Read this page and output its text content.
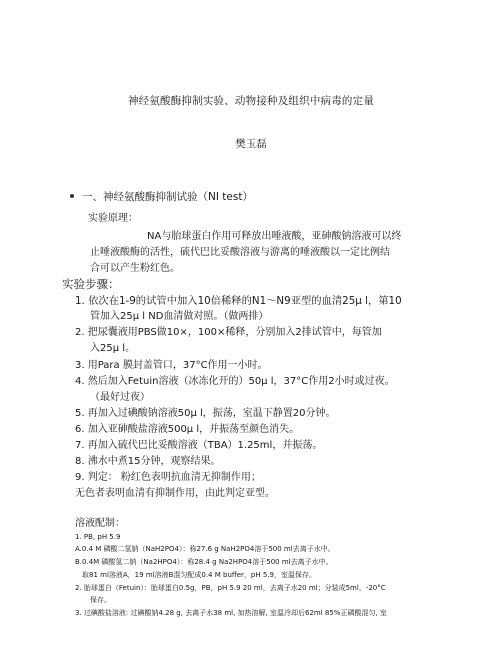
神经氨酸酶抑制实验、动物接种及组织中病毒的定量
樊玉磊
一、神经氨酸酶抑制试验（NI test）
实验原理：
NA与胎球蛋白作用可释放出唾液酸，亚砷酸钠溶液可以终
止唾液酸酶的活性，硫代巴比妥酸溶液与游离的唾液酸以一定比例结
合可以产生粉红色。
实验步骤：
1. 依次在1-9的试管中加入10倍稀释的N1～N9亚型的血清25μ l，第10
管加入25μ l ND血清做对照。（做两排）
2. 把尿囊液用PBS做10×，100×稀释，分别加入2排试管中，每管加
入25μ l。
3. 用Para 膜封盖管口，37°C作用一小时。
4. 然后加入Fetuin溶液（冰冻化开的）50μ l，37°C作用2小时或过夜。
（最好过夜）
5. 再加入过碘酸钠溶液50μ l，振荡，室温下静置20分钟。
6. 加入亚砷酸盐溶液500μ l，并振荡至颜色消失。
7. 再加入硫代巴比妥酸溶液（TBA）1.25ml，并振荡。
8. 沸水中煮15分钟，观察结果。
9. 判定： 粉红色表明抗血清无抑制作用；
无色者表明血清有抑制作用，由此判定亚型。
溶液配制：
1. PB, pH 5.9
A.0.4 M 磷酸二氢钠（NaH2PO4）：称27.6 g NaH2PO4溶于500 ml去离子水中。
B.0.4M 磷酸氢二钠（Na2HPO4）：称28.4 g Na2HPO4溶于500 ml去离子水中。
取81 ml溶液A，19 ml溶液B混匀配成0.4 M buffer，pH 5.9，室温保存。
2. 胎球蛋白（Fetuin）：胎球蛋白0.5g，PB，pH 5.9 20 ml，去离子水20 ml；分装成5ml，-20°C
保存。
3. 过碘酸盐溶液: 过碘酸钠4.28 g, 去离子水38 ml, 加热溶解, 室温冷却后62ml 85%正磷酸混匀, 室
